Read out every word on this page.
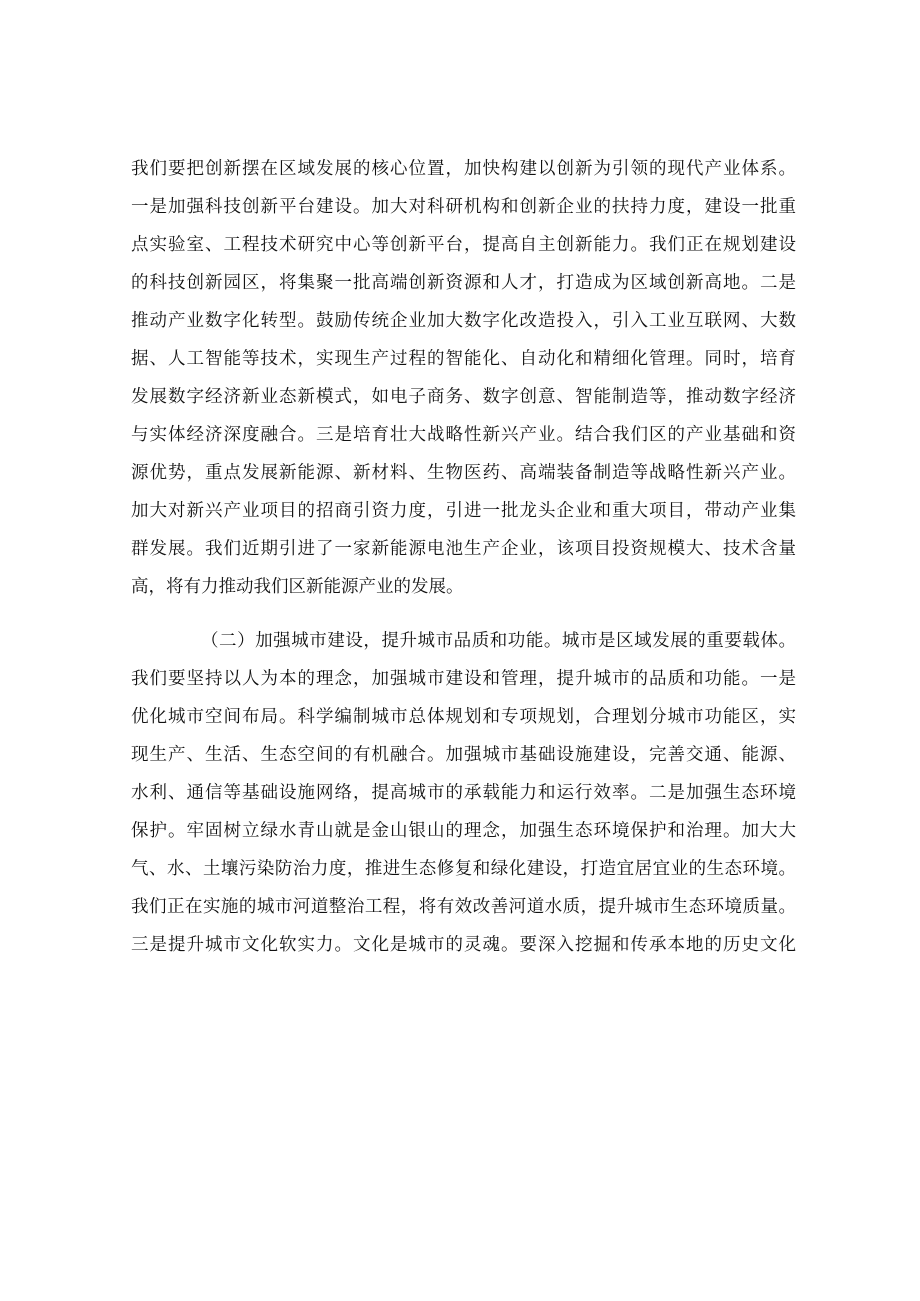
我们要把创新摆在区域发展的核心位置，加快构建以创新为引领的现代产业体系。
一是加强科技创新平台建设。加大对科研机构和创新企业的扶持力度，建设一批重
点实验室、工程技术研究中心等创新平台，提高自主创新能力。我们正在规划建设
的科技创新园区，将集聚一批高端创新资源和人才，打造成为区域创新高地。二是
推动产业数字化转型。鼓励传统企业加大数字化改造投入，引入工业互联网、大数
据、人工智能等技术，实现生产过程的智能化、自动化和精细化管理。同时，培育
发展数字经济新业态新模式，如电子商务、数字创意、智能制造等，推动数字经济
与实体经济深度融合。三是培育壮大战略性新兴产业。结合我们区的产业基础和资
源优势，重点发展新能源、新材料、生物医药、高端装备制造等战略性新兴产业。
加大对新兴产业项目的招商引资力度，引进一批龙头企业和重大项目，带动产业集
群发展。我们近期引进了一家新能源电池生产企业，该项目投资规模大、技术含量
高，将有力推动我们区新能源产业的发展。
（二）加强城市建设，提升城市品质和功能。城市是区域发展的重要载体。
我们要坚持以人为本的理念，加强城市建设和管理，提升城市的品质和功能。一是
优化城市空间布局。科学编制城市总体规划和专项规划，合理划分城市功能区，实
现生产、生活、生态空间的有机融合。加强城市基础设施建设，完善交通、能源、
水利、通信等基础设施网络，提高城市的承载能力和运行效率。二是加强生态环境
保护。牢固树立绿水青山就是金山银山的理念，加强生态环境保护和治理。加大大
气、水、土壤污染防治力度，推进生态修复和绿化建设，打造宜居宜业的生态环境。
我们正在实施的城市河道整治工程，将有效改善河道水质，提升城市生态环境质量。
三是提升城市文化软实力。文化是城市的灵魂。要深入挖掘和传承本地的历史文化
